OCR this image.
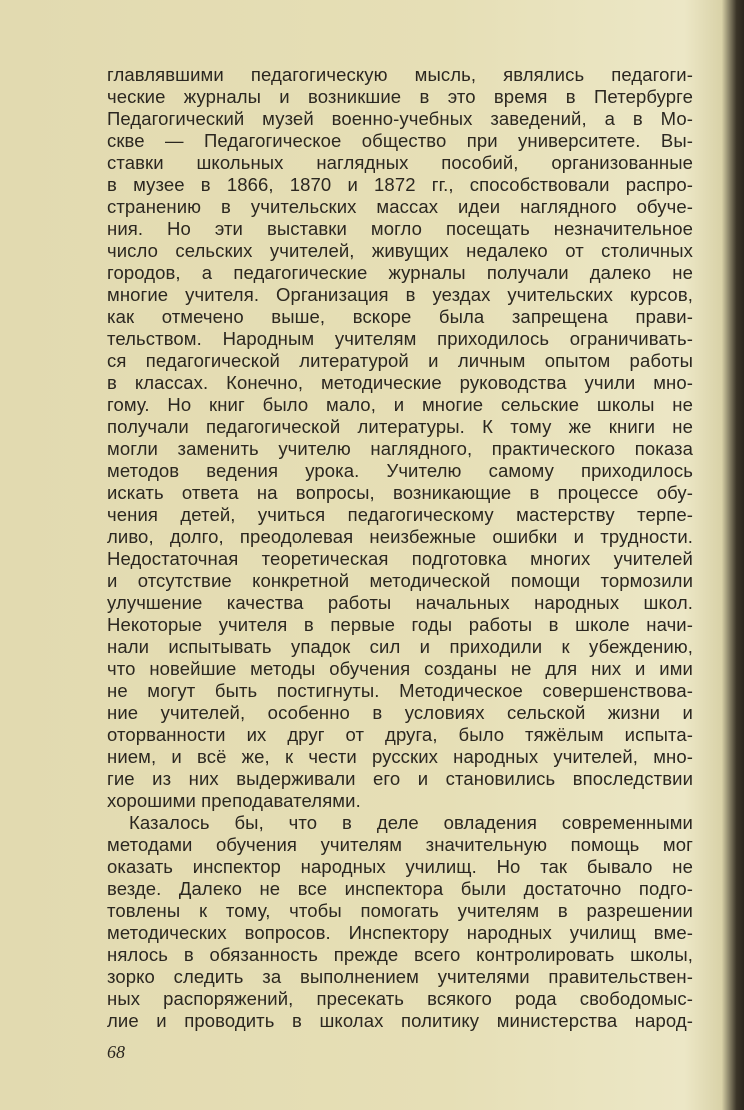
главлявшими педагогическую мысль, являлись педагоги-
ческие журналы и возникшие в это время в Петербурге
Педагогический музей военно-учебных заведений, а в Мо-
скве — Педагогическое общество при университете. Вы-
ставки школьных наглядных пособий, организованные
в музее в 1866, 1870 и 1872 гг., способствовали распро-
странению в учительских массах идеи наглядного обуче-
ния. Но эти выставки могло посещать незначительное
число сельских учителей, живущих недалеко от столичных
городов, а педагогические журналы получали далеко не
многие учителя. Организация в уездах учительских курсов,
как отмечено выше, вскоре была запрещена прави-
тельством. Народным учителям приходилось ограничивать-
ся педагогической литературой и личным опытом работы
в классах. Конечно, методические руководства учили мно-
гому. Но книг было мало, и многие сельские школы не
получали педагогической литературы. К тому же книги не
могли заменить учителю наглядного, практического показа
методов ведения урока. Учителю самому приходилось
искать ответа на вопросы, возникающие в процессе обу-
чения детей, учиться педагогическому мастерству терпе-
ливо, долго, преодолевая неизбежные ошибки и трудности.
Недостаточная теоретическая подготовка многих учителей
и отсутствие конкретной методической помощи тормозили
улучшение качества работы начальных народных школ.
Некоторые учителя в первые годы работы в школе начи-
нали испытывать упадок сил и приходили к убеждению,
что новейшие методы обучения созданы не для них и ими
не могут быть постигнуты. Методическое совершенствова-
ние учителей, особенно в условиях сельской жизни и
оторванности их друг от друга, было тяжёлым испыта-
нием, и всё же, к чести русских народных учителей, мно-
гие из них выдерживали его и становились впоследствии
хорошими преподавателями.
Казалось бы, что в деле овладения современными
методами обучения учителям значительную помощь мог
оказать инспектор народных училищ. Но так бывало не
везде. Далеко не все инспектора были достаточно подго-
товлены к тому, чтобы помогать учителям в разрешении
методических вопросов. Инспектору народных училищ вме-
нялось в обязанность прежде всего контролировать школы,
зорко следить за выполнением учителями правительствен-
ных распоряжений, пресекать всякого рода свободомыс-
лие и проводить в школах политику министерства народ-
68
